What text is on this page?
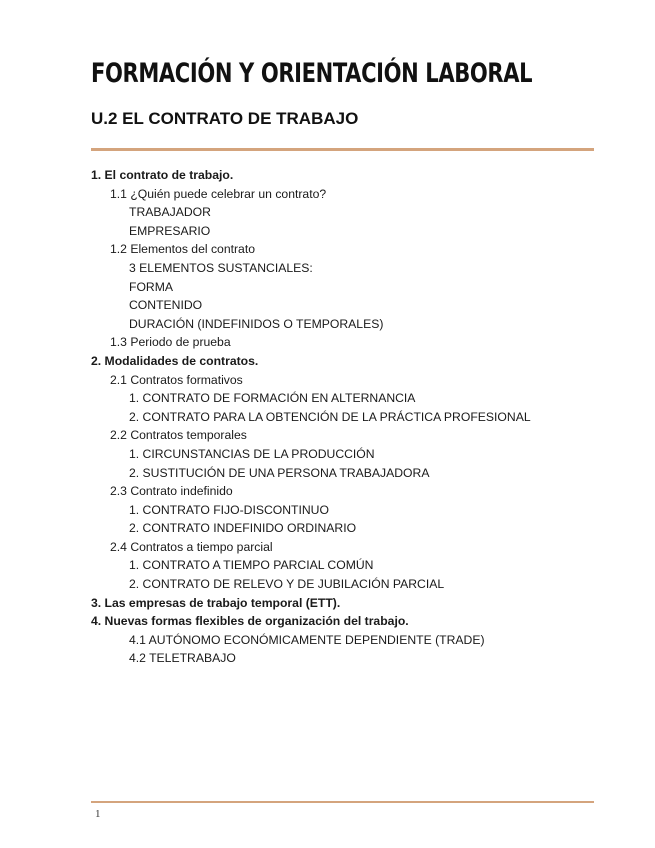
FORMACIÓN Y ORIENTACIÓN LABORAL
U.2 EL CONTRATO DE TRABAJO
1. El contrato de trabajo.
1.1 ¿Quién puede celebrar un contrato?
TRABAJADOR
EMPRESARIO
1.2 Elementos del contrato
3 ELEMENTOS SUSTANCIALES:
FORMA
CONTENIDO
DURACIÓN (INDEFINIDOS O TEMPORALES)
1.3 Periodo de prueba
2. Modalidades de contratos.
2.1 Contratos formativos
1. CONTRATO DE FORMACIÓN EN ALTERNANCIA
2. CONTRATO PARA LA OBTENCIÓN DE LA PRÁCTICA PROFESIONAL
2.2 Contratos temporales
1. CIRCUNSTANCIAS DE LA PRODUCCIÓN
2. SUSTITUCIÓN DE UNA PERSONA TRABAJADORA
2.3 Contrato indefinido
1. CONTRATO FIJO-DISCONTINUO
2. CONTRATO INDEFINIDO ORDINARIO
2.4 Contratos a tiempo parcial
1. CONTRATO A TIEMPO PARCIAL COMÚN
2. CONTRATO DE RELEVO Y DE JUBILACIÓN PARCIAL
3. Las empresas de trabajo temporal (ETT).
4. Nuevas formas flexibles de organización del trabajo.
4.1 AUTÓNOMO ECONÓMICAMENTE DEPENDIENTE (TRADE)
4.2 TELETRABAJO
1
